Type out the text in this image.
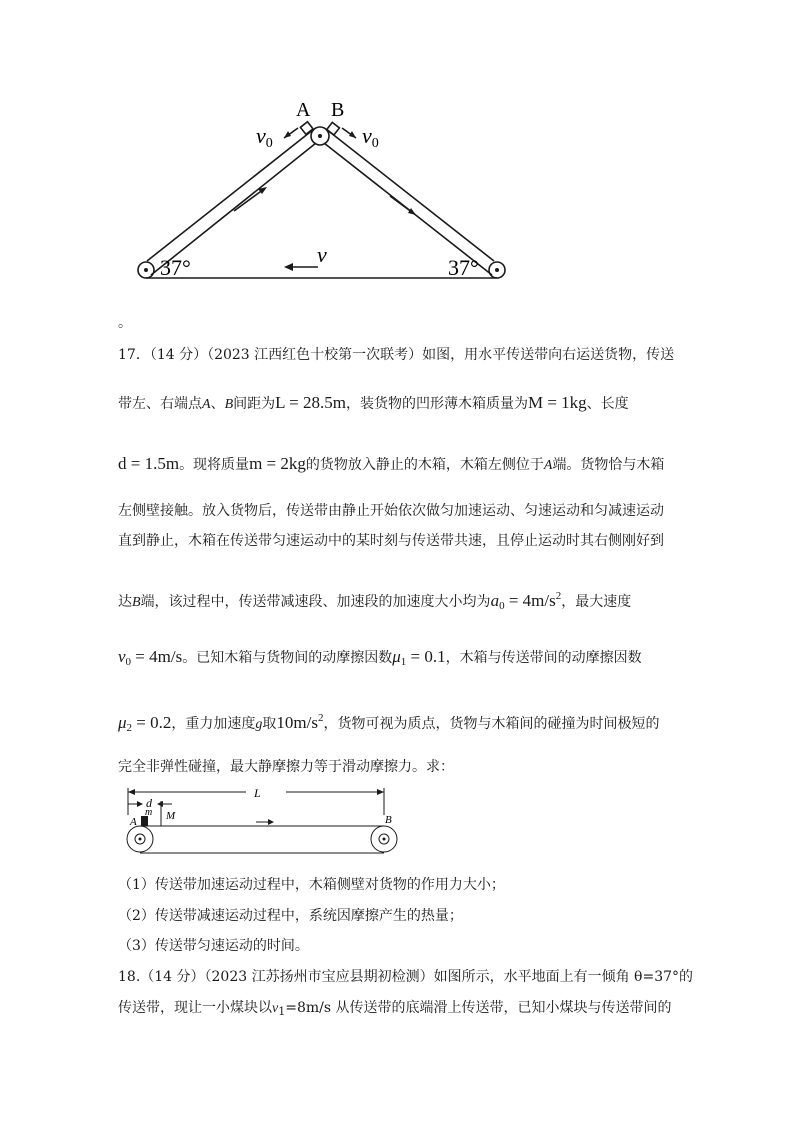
A B
v0	v0
37°	37°
v
。
17．（14 分）（2023 江西红色十校第一次联考）如图，用水平传送带向右运送货物，传送
带左、右端点A、B间距为L = 28.5m，装货物的凹形薄木箱质量为M = 1kg、长度
d = 1.5m。现将质量m = 2kg的货物放入静止的木箱，木箱左侧位于A端。货物恰与木箱
左侧壁接触。放入货物后，传送带由静止开始依次做匀加速运动、匀速运动和匀减速运动
直到静止，木箱在传送带匀速运动中的某时刻与传送带共速，且停止运动时其右侧刚好到
达B端，该过程中，传送带减速段、加速段的加速度大小均为$a_0 = 4m/s^2$，最大速度
$v_0 = 4m/s$。已知木箱与货物间的动摩擦因数$\mu_1 = 0.1$，木箱与传送带间的动摩擦因数
$\mu_2 = 0.2$，重力加速度g取$10m/s^2$，货物可视为质点，货物与木箱间的碰撞为时间极短的
完全非弹性碰撞，最大静摩擦力等于滑动摩擦力。求：
d
L
A
m M	B
（1）传送带加速运动过程中，木箱侧壁对货物的作用力大小；
（2）传送带减速运动过程中，系统因摩擦产生的热量；
（3）传送带匀速运动的时间。
18.（14 分）（2023 江苏扬州市宝应县期初检测）如图所示，水平地面上有一倾角 θ=37°的
传送带，现让一小煤块以$v_1=8m/s$ 从传送带的底端滑上传送带，已知小煤块与传送带间的
